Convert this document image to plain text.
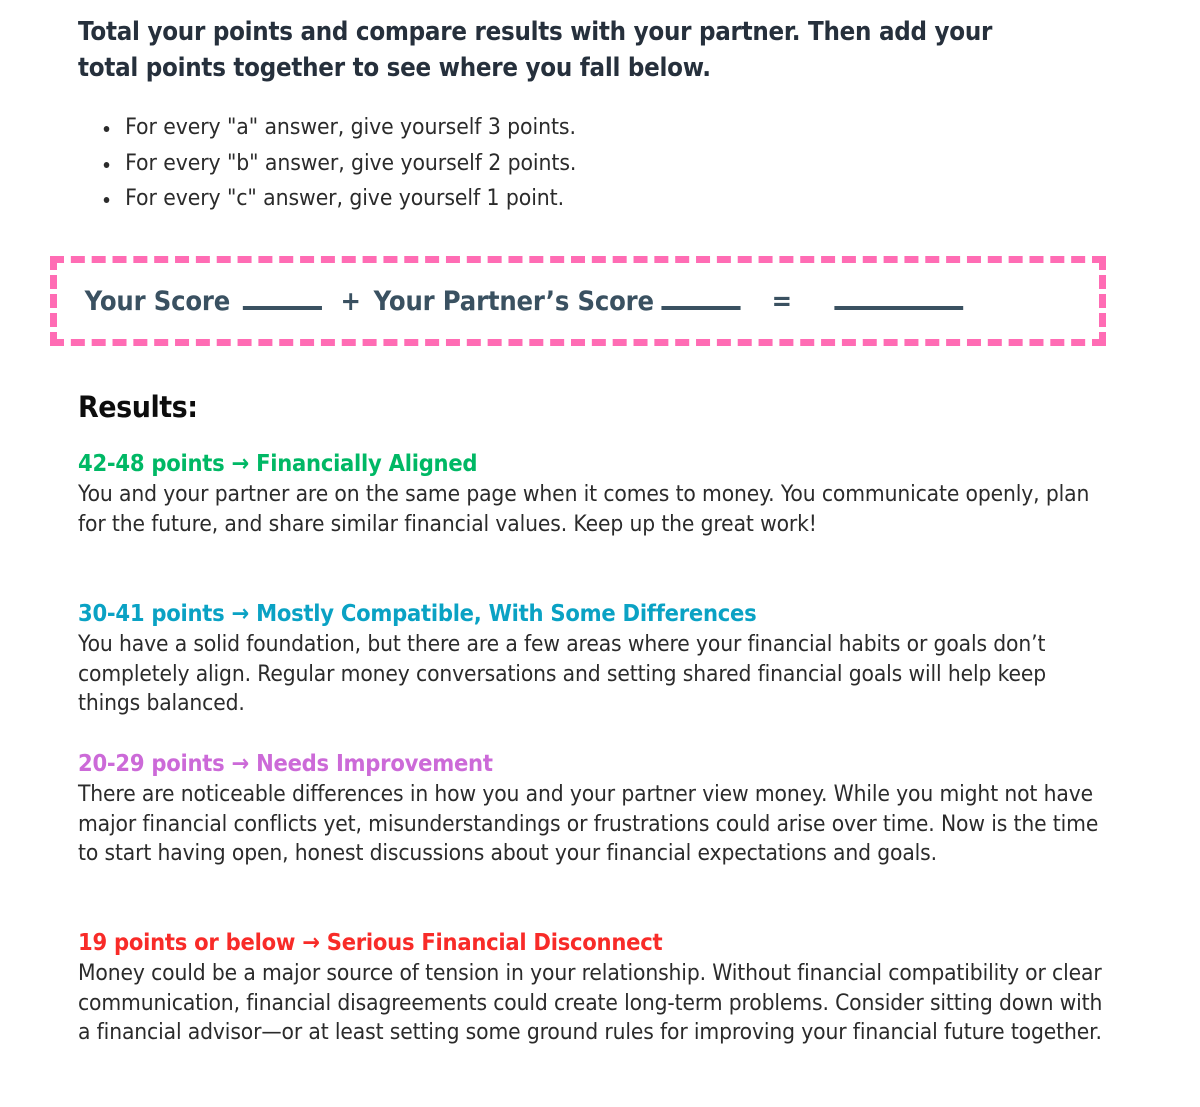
Total your points and compare results with your partner. Then add your total points together to see where you fall below.
For every "a" answer, give yourself 3 points.
For every "b" answer, give yourself 2 points.
For every "c" answer, give yourself 1 point.
Your Score	+ Your Partner’s Score	=
Results:
42-48 points → Financially Aligned
You and your partner are on the same page when it comes to money. You communicate openly, plan for the future, and share similar financial values. Keep up the great work!
30-41 points → Mostly Compatible, With Some Differences
You have a solid foundation, but there are a few areas where your financial habits or goals don’t completely align. Regular money conversations and setting shared financial goals will help keep things balanced.
20-29 points → Needs Improvement
There are noticeable differences in how you and your partner view money. While you might not have major financial conflicts yet, misunderstandings or frustrations could arise over time. Now is the time to start having open, honest discussions about your financial expectations and goals.
19 points or below → Serious Financial Disconnect
Money could be a major source of tension in your relationship. Without financial compatibility or clear communication, financial disagreements could create long-term problems. Consider sitting down with a financial advisor—or at least setting some ground rules for improving your financial future together.
